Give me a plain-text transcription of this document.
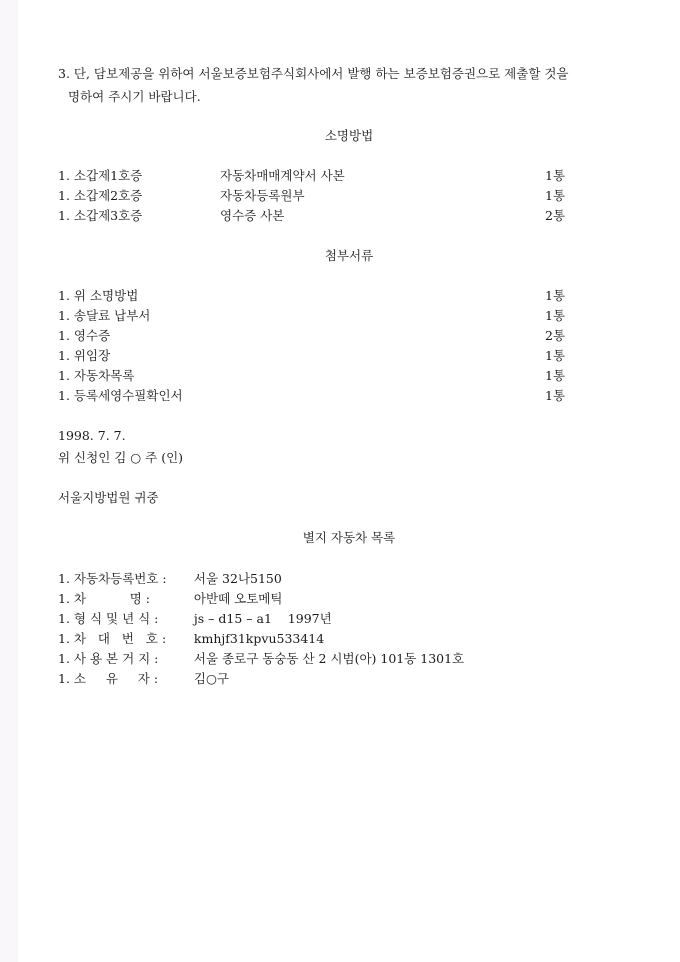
3. 단, 담보제공을 위하여 서울보증보험주식회사에서 발행 하는 보증보험증권으로 제출할 것을
명하여 주시기 바랍니다.
소명방법
1. 소갑제1호증	자동차매매계약서 사본	1통
1. 소갑제2호증	자동차등록원부	1통
1. 소갑제3호증	영수증 사본	2통
첨부서류
1. 위 소명방법	1통
1. 송달료 납부서	1통
1. 영수증	2통
1. 위임장	1통
1. 자동차목록	1통
1. 등록세영수필확인서	1통
1998. 7. 7.
위 신청인 김 ○ 주 (인)
서울지방법원 귀중
별지 자동차 목록
1. 자동차등록번호 : 서울 32나5150
1. 차           명 :	아반떼 오토메틱
1. 형 식 및 년 식 :	js – d15 – a1    1997년
1. 차   대   번   호 : kmhjf31kpvu533414
1. 사 용 본 거 지 :	서울 종로구 동숭동 산 2 시범(아) 101동 1301호
1. 소     유     자 :	김○구
